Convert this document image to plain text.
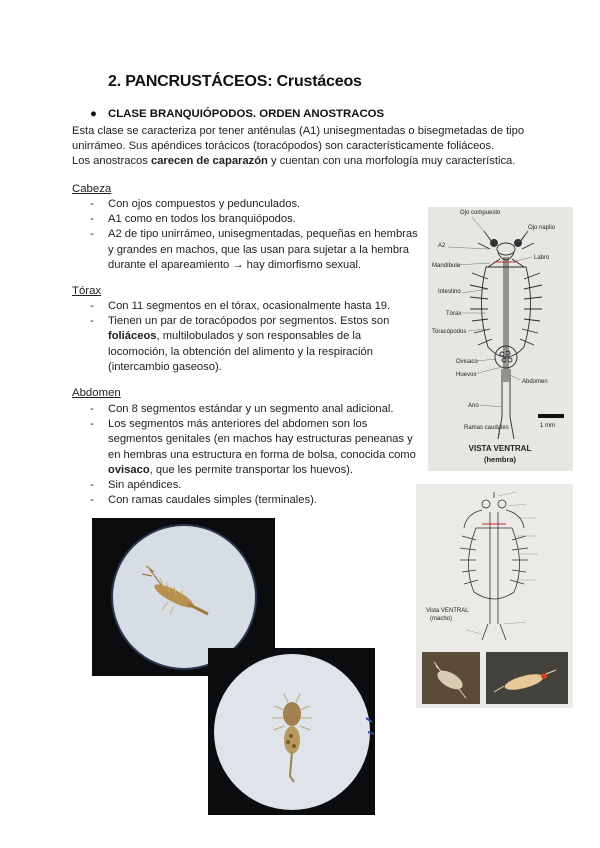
2. PANCRUSTÁCEOS: Crustáceos
● CLASE BRANQUIÓPODOS. ORDEN ANOSTRACOS
Esta clase se caracteriza por tener anténulas (A1) unisegmentadas o bisegmetadas de tipo
unirrámeo. Sus apéndices torácicos (toracópodos) son característicamente foliáceos.
Los anostracos carecen de caparazón y cuentan con una morfología muy característica.
Cabeza
- Con ojos compuestos y pedunculados.
- A1 como en todos los branquiópodos.
- A2 de tipo unirrámeo, unisegmentadas, pequeñas en hembras y grandes en machos, que las usan para sujetar a la hembra durante el apareamiento → hay dimorfismo sexual.
Tórax
- Con 11 segmentos en el tórax, ocasionalmente hasta 19.
- Tienen un par de toracópodos por segmentos. Estos son foliáceos, multilobulados y son responsables de la locomoción, la obtención del alimento y la respiración (intercambio gaseoso).
Abdomen
- Con 8 segmentos estándar y un segmento anal adicional.
- Los segmentos más anteriores del abdomen son los segmentos genitales (en machos hay estructuras peneanas y en hembras una estructura en forma de bolsa, conocida como ovisaco, que les permite transportar los huevos).
- Sin apéndices.
- Con ramas caudales simples (terminales).
Ojo compuesto
Ojo naplio
A2
Labro
Mandíbula
Intestino
Tórax
Toracópodos
Ovisaco
Huevos
Abdomen
Ano
Ramas caudales	1 mm
VISTA VENTRAL
(hembra)
Vista VENTRAL
(macho)
